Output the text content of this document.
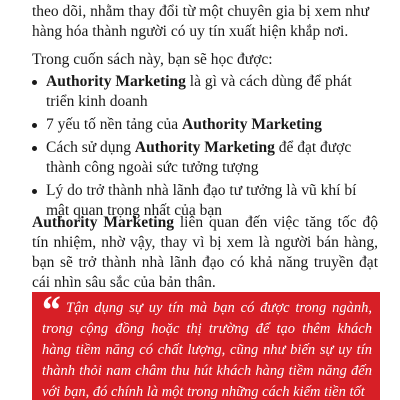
theo dõi, nhằm thay đổi từ một chuyên gia bị xem như hàng hóa thành người có uy tín xuất hiện khắp nơi.
Trong cuốn sách này, bạn sẽ học được:
Authority Marketing là gì và cách dùng để phát triển kinh doanh
7 yếu tố nền tảng của Authority Marketing
Cách sử dụng Authority Marketing để đạt được thành công ngoài sức tưởng tượng
Lý do trở thành nhà lãnh đạo tư tưởng là vũ khí bí mật quan trọng nhất của bạn
Authority Marketing liên quan đến việc tăng tốc độ tín nhiệm, nhờ vậy, thay vì bị xem là người bán hàng, bạn sẽ trở thành nhà lãnh đạo có khả năng truyền đạt cái nhìn sâu sắc của bản thân.
“ Tận dụng sự uy tín mà bạn có được trong ngành, trong cộng đồng hoặc thị trường để tạo thêm khách hàng tiềm năng có chất lượng, cũng như biến sự uy tín thành thỏi nam châm thu hút khách hàng tiềm năng đến với bạn, đó chính là một trong những cách kiếm tiền tốt
